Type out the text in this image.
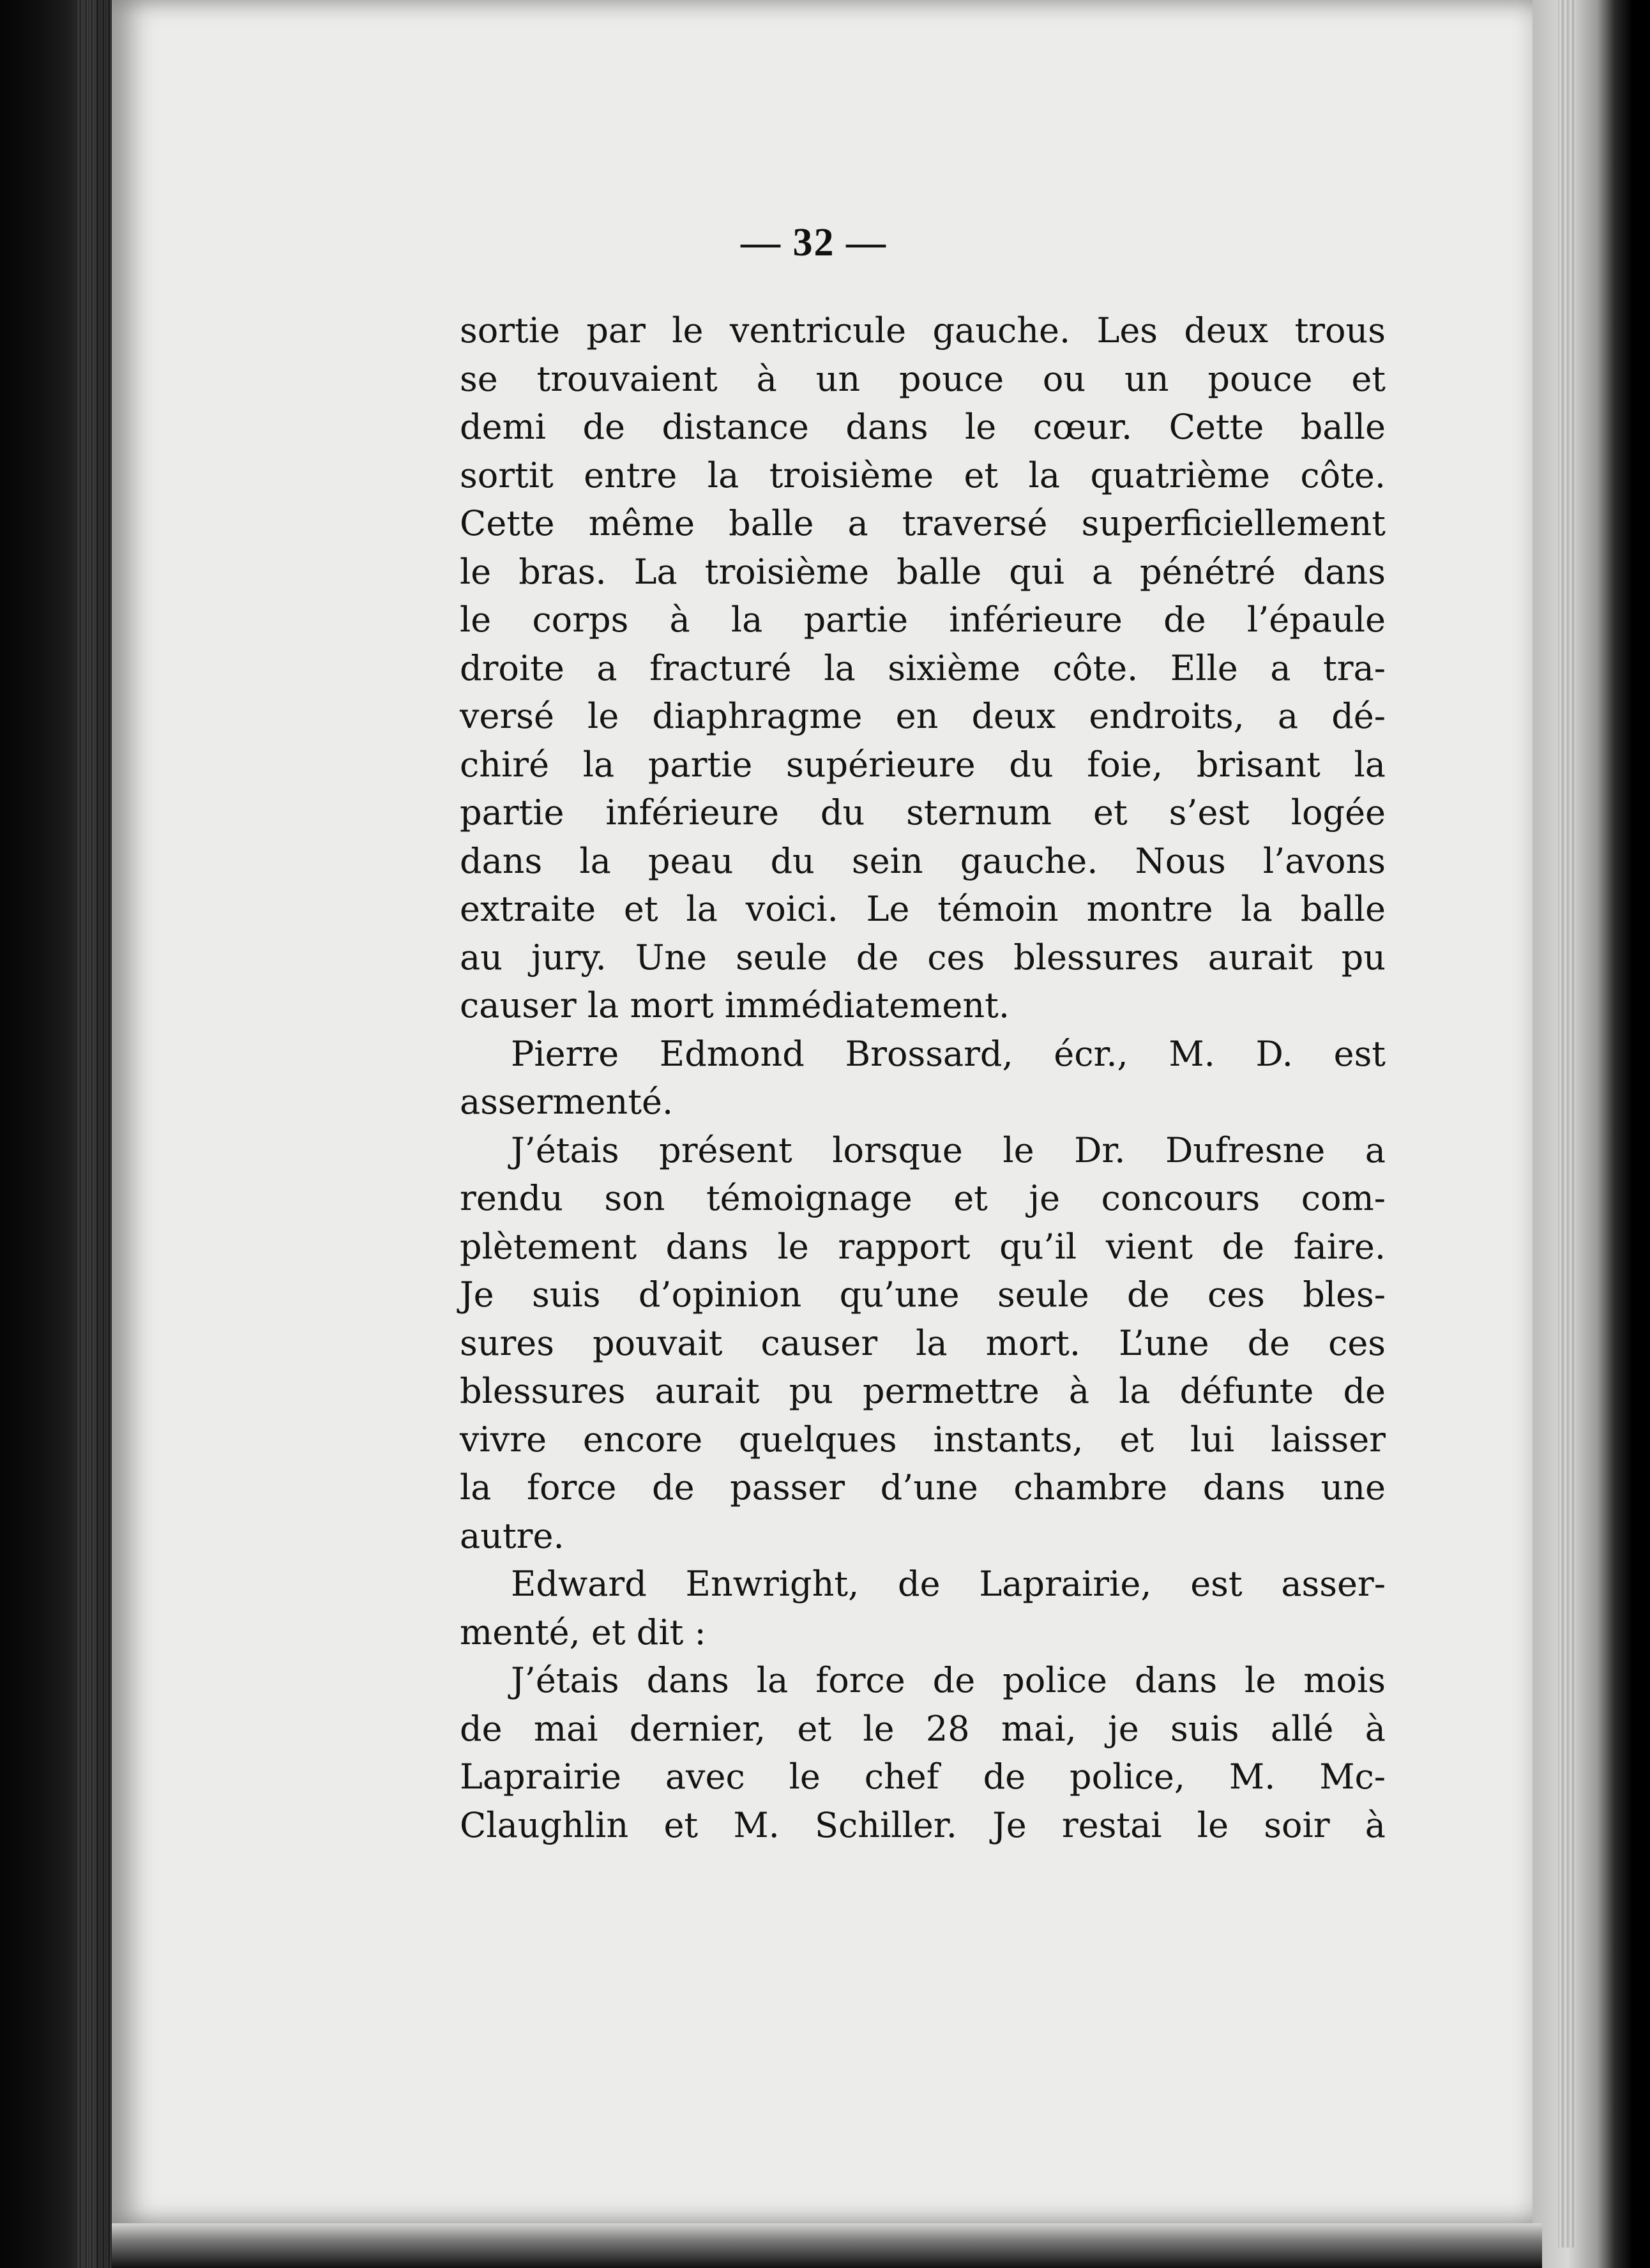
— 32 —
sortie par le ventricule gauche. Les deux trous
se trouvaient à un pouce ou un pouce et
demi de distance dans le cœur. Cette balle
sortit entre la troisième et la quatrième côte.
Cette même balle a traversé superficiellement
le bras. La troisième balle qui a pénétré dans
le corps à la partie inférieure de l’épaule
droite a fracturé la sixième côte. Elle a tra-
versé le diaphragme en deux endroits, a dé-
chiré la partie supérieure du foie, brisant la
partie inférieure du sternum et s’est logée
dans la peau du sein gauche. Nous l’avons
extraite et la voici. Le témoin montre la balle
au jury. Une seule de ces blessures aurait pu
causer la mort immédiatement.
Pierre Edmond Brossard, écr., M. D. est
assermenté.
J’étais présent lorsque le Dr. Dufresne a
rendu son témoignage et je concours com-
plètement dans le rapport qu’il vient de faire.
Je suis d’opinion qu’une seule de ces bles-
sures pouvait causer la mort. L’une de ces
blessures aurait pu permettre à la défunte de
vivre encore quelques instants, et lui laisser
la force de passer d’une chambre dans une
autre.
Edward Enwright, de Laprairie, est asser-
menté, et dit :
J’étais dans la force de police dans le mois
de mai dernier, et le 28 mai, je suis allé à
Laprairie avec le chef de police, M. Mc-
Claughlin et M. Schiller. Je restai le soir à
